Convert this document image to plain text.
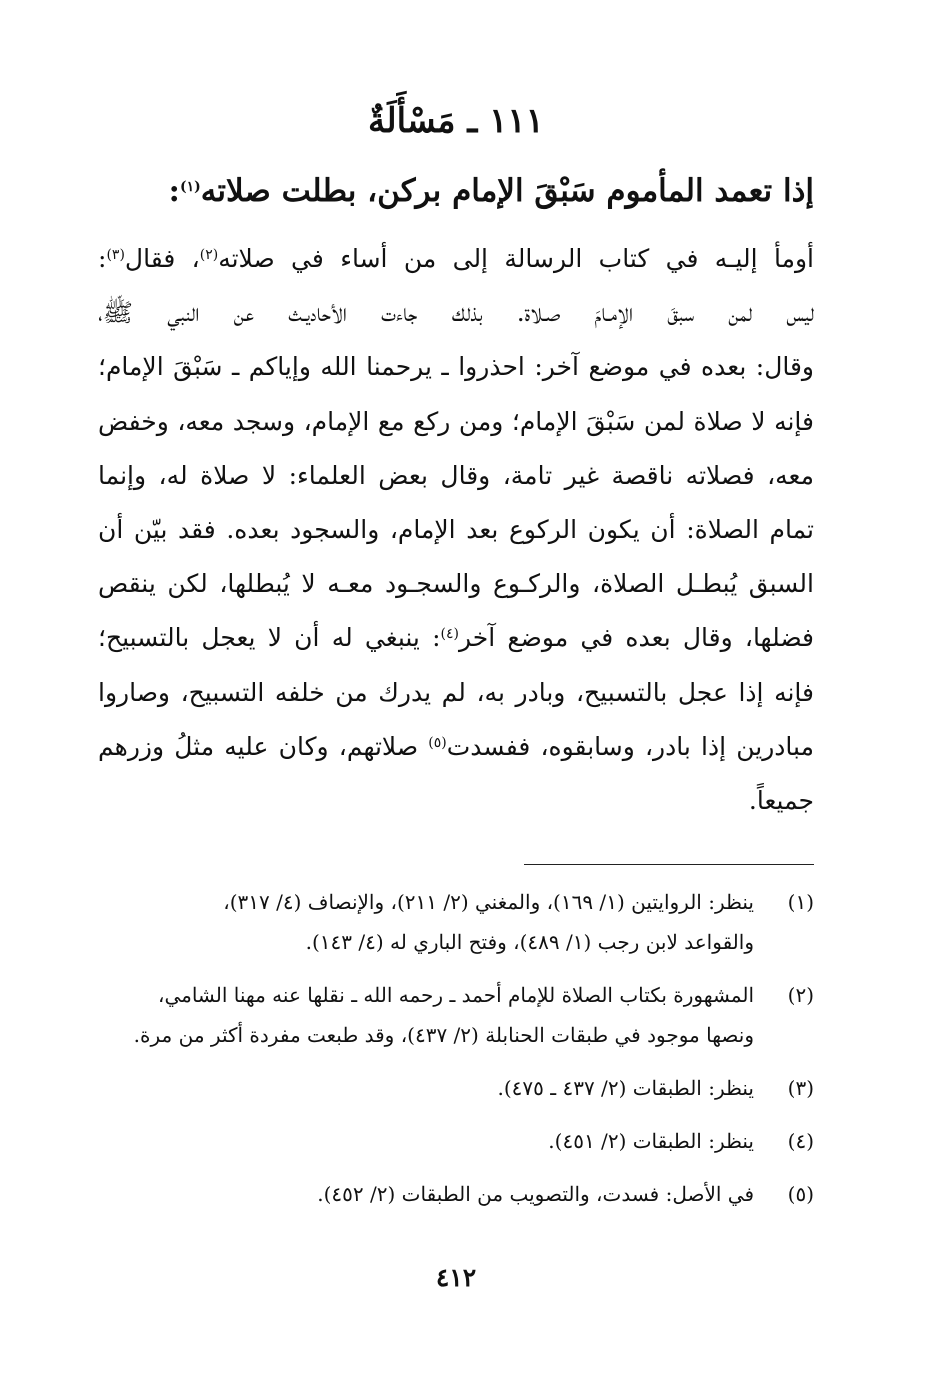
١١١ ـ مَسْأَلَةٌ
إذا تعمد المأموم سَبْقَ الإمام بركن، بطلت صلاته$^{(١)}$:
أومأ إليـه في كتاب الرسالة إلى من أساء في صلاته$^{(٢)}$، فقال$^{(٣)}$:
ليس لمن سبقَ الإمـامَ صـلاة. بذلك جاءت الأحاديـث عن النبي ﷺ،
وقال: بعده في موضع آخر: احذروا ـ يرحمنا الله وإياكم ـ سَبْقَ الإمام؛
فإنه لا صلاة لمن سَبْقَ الإمام؛ ومن ركع مع الإمام، وسجد معه، وخفض
معه، فصلاته ناقصة غير تامة، وقال بعض العلماء: لا صلاة له، وإنما
تمام الصلاة: أن يكون الركوع بعد الإمام، والسجود بعده. فقد بيّن أن
السبق يُبطـل الصلاة، والركـوع والسجـود معـه لا يُبطلها، لكن ينقص
فضلها، وقال بعده في موضع آخر$^{(٤)}$: ينبغي له أن لا يعجل بالتسبيح؛
فإنه إذا عجل بالتسبيح، وبادر به، لم يدرك من خلفه التسبيح، وصاروا
مبادرين إذا بادر، وسابقوه، ففسدت$^{(٥)}$ صلاتهم، وكان عليه مثلُ وزرهم
جميعاً.
(١)
ينظر: الروايتين (١/ ١٦٩)، والمغني (٢/ ٢١١)، والإنصاف (٤/ ٣١٧)،
والقواعد لابن رجب (١/ ٤٨٩)، وفتح الباري له (٤/ ١٤٣).
(٢)
المشهورة بكتاب الصلاة للإمام أحمد ـ رحمه الله ـ نقلها عنه مهنا الشامي،
ونصها موجود في طبقات الحنابلة (٢/ ٤٣٧)، وقد طبعت مفردة أكثر من مرة.
(٣)
ينظر: الطبقات (٢/ ٤٣٧ ـ ٤٧٥).
(٤)
ينظر: الطبقات (٢/ ٤٥١).
(٥)
في الأصل: فسدت، والتصويب من الطبقات (٢/ ٤٥٢).
٤١٢
